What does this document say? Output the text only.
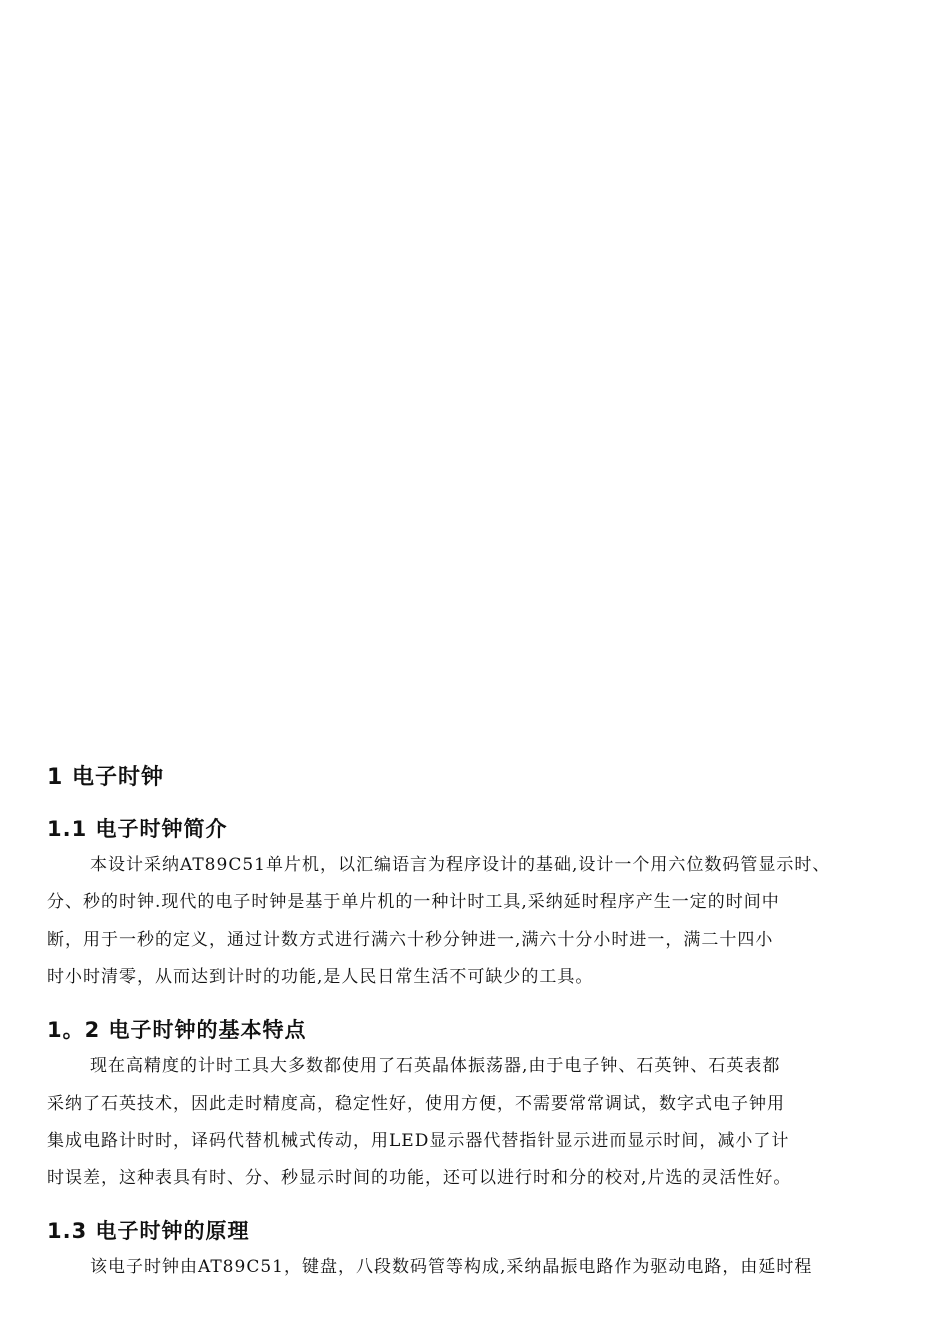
1 电子时钟
1.1 电子时钟简介
本设计采纳AT89C51单片机，以汇编语言为程序设计的基础,设计一个用六位数码管显示时、
分、秒的时钟.现代的电子时钟是基于单片机的一种计时工具,采纳延时程序产生一定的时间中
断，用于一秒的定义，通过计数方式进行满六十秒分钟进一,满六十分小时进一，满二十四小
时小时清零，从而达到计时的功能,是人民日常生活不可缺少的工具。
1。2 电子时钟的基本特点
现在高精度的计时工具大多数都使用了石英晶体振荡器,由于电子钟、石英钟、石英表都
采纳了石英技术，因此走时精度高，稳定性好，使用方便，不需要常常调试，数字式电子钟用
集成电路计时时，译码代替机械式传动，用LED显示器代替指针显示进而显示时间，减小了计
时误差，这种表具有时、分、秒显示时间的功能，还可以进行时和分的校对,片选的灵活性好。
1.3 电子时钟的原理
该电子时钟由AT89C51，键盘，八段数码管等构成,采纳晶振电路作为驱动电路，由延时程
